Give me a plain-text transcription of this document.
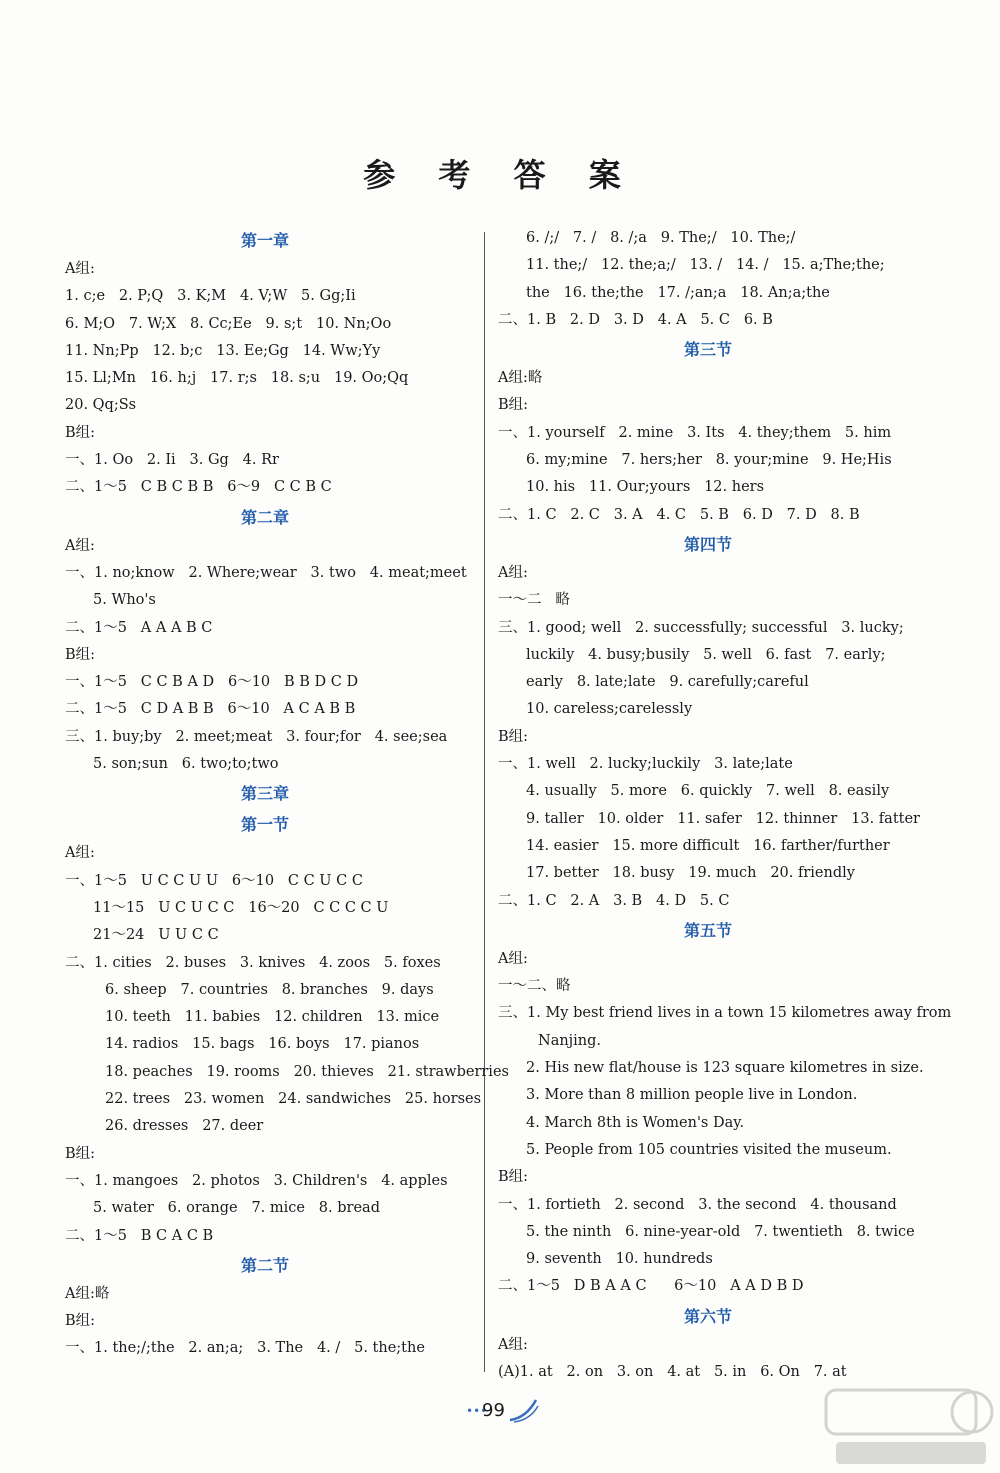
参 考 答 案
第一章
A组:
1. c;e   2. P;Q   3. K;M   4. V;W   5. Gg;Ii
6. M;O   7. W;X   8. Cc;Ee   9. s;t   10. Nn;Oo
11. Nn;Pp   12. b;c   13. Ee;Gg   14. Ww;Yy
15. Ll;Mn   16. h;j   17. r;s   18. s;u   19. Oo;Qq
20. Qq;Ss
B组:
一、1. Oo   2. Ii   3. Gg   4. Rr
二、1～5   C B C B B   6～9   C C B C
第二章
A组:
一、1. no;know   2. Where;wear   3. two   4. meat;meet
5. Who's
二、1～5   A A A B C
B组:
一、1～5   C C B A D   6～10   B B D C D
二、1～5   C D A B B   6～10   A C A B B
三、1. buy;by   2. meet;meat   3. four;for   4. see;sea
5. son;sun   6. two;to;two
第三章
第一节
A组:
一、1～5   U C C U U   6～10   C C U C C
11～15   U C U C C   16～20   C C C C U
21～24   U U C C
二、1. cities   2. buses   3. knives   4. zoos   5. foxes
6. sheep   7. countries   8. branches   9. days
10. teeth   11. babies   12. children   13. mice
14. radios   15. bags   16. boys   17. pianos
18. peaches   19. rooms   20. thieves   21. strawberries
22. trees   23. women   24. sandwiches   25. horses
26. dresses   27. deer
B组:
一、1. mangoes   2. photos   3. Children's   4. apples
5. water   6. orange   7. mice   8. bread
二、1～5   B C A C B
第二节
A组:略
B组:
一、1. the;/;the   2. an;a;   3. The   4. /   5. the;the
6. /;/   7. /   8. /;a   9. The;/   10. The;/
11. the;/   12. the;a;/   13. /   14. /   15. a;The;the;
the   16. the;the   17. /;an;a   18. An;a;the
二、1. B   2. D   3. D   4. A   5. C   6. B
第三节
A组:略
B组:
一、1. yourself   2. mine   3. Its   4. they;them   5. him
6. my;mine   7. hers;her   8. your;mine   9. He;His
10. his   11. Our;yours   12. hers
二、1. C   2. C   3. A   4. C   5. B   6. D   7. D   8. B
第四节
A组:
一～二   略
三、1. good; well   2. successfully; successful   3. lucky;
luckily   4. busy;busily   5. well   6. fast   7. early;
early   8. late;late   9. carefully;careful
10. careless;carelessly
B组:
一、1. well   2. lucky;luckily   3. late;late
4. usually   5. more   6. quickly   7. well   8. easily
9. taller   10. older   11. safer   12. thinner   13. fatter
14. easier   15. more difficult   16. farther/further
17. better   18. busy   19. much   20. friendly
二、1. C   2. A   3. B   4. D   5. C
第五节
A组:
一～二、略
三、1. My best friend lives in a town 15 kilometres away from
Nanjing.
2. His new flat/house is 123 square kilometres in size.
3. More than 8 million people live in London.
4. March 8th is Women's Day.
5. People from 105 countries visited the museum.
B组:
一、1. fortieth   2. second   3. the second   4. thousand
5. the ninth   6. nine-year-old   7. twentieth   8. twice
9. seventh   10. hundreds
二、1～5   D B A A C      6～10   A A D B D
第六节
A组:
(A)1. at   2. on   3. on   4. at   5. in   6. On   7. at
•••
99
